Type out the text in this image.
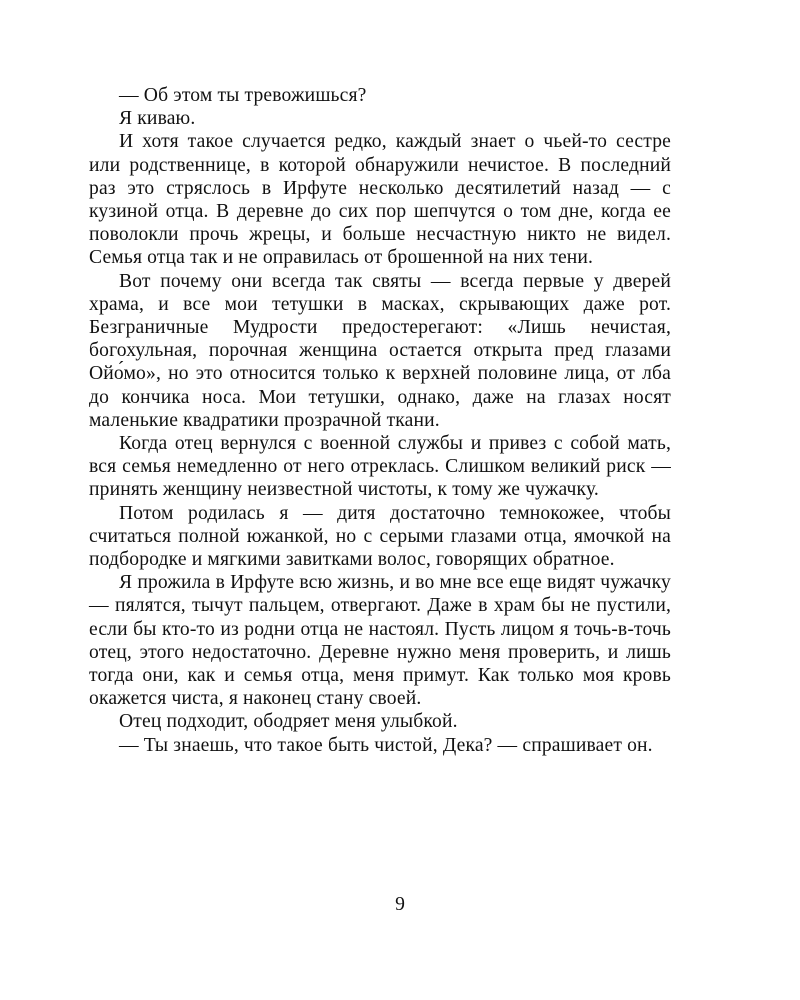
— Об этом ты тревожишься?

Я киваю.

И хотя такое случается редко, каждый знает о чьей-то сестре или родственнице, в которой обнаружили нечистое. В последний раз это стряслось в Ирфуте несколько десятилетий назад — с кузиной отца. В деревне до сих пор шепчутся о том дне, когда ее поволокли прочь жрецы, и больше несчастную никто не видел. Семья отца так и не оправилась от брошенной на них тени.

Вот почему они всегда так святы — всегда первые у дверей храма, и все мои тетушки в масках, скрывающих даже рот. Безграничные Мудрости предостерегают: «Лишь нечистая, богохульная, порочная женщина остается открыта пред глазами Ойо́мо», но это относится только к верхней половине лица, от лба до кончика носа. Мои тетушки, однако, даже на глазах носят маленькие квадратики прозрачной ткани.

Когда отец вернулся с военной службы и привез с собой мать, вся семья немедленно от него отреклась. Слишком великий риск — принять женщину неизвестной чистоты, к тому же чужачку.

Потом родилась я — дитя достаточно темнокожее, чтобы считаться полной южанкой, но с серыми глазами отца, ямочкой на подбородке и мягкими завитками волос, говорящих обратное.

Я прожила в Ирфуте всю жизнь, и во мне все еще видят чужачку — пялятся, тычут пальцем, отвергают. Даже в храм бы не пустили, если бы кто-то из родни отца не настоял. Пусть лицом я точь-в-точь отец, этого недостаточно. Деревне нужно меня проверить, и лишь тогда они, как и семья отца, меня примут. Как только моя кровь окажется чиста, я наконец стану своей.

Отец подходит, ободряет меня улыбкой.

— Ты знаешь, что такое быть чистой, Дека? — спрашивает он.

9
